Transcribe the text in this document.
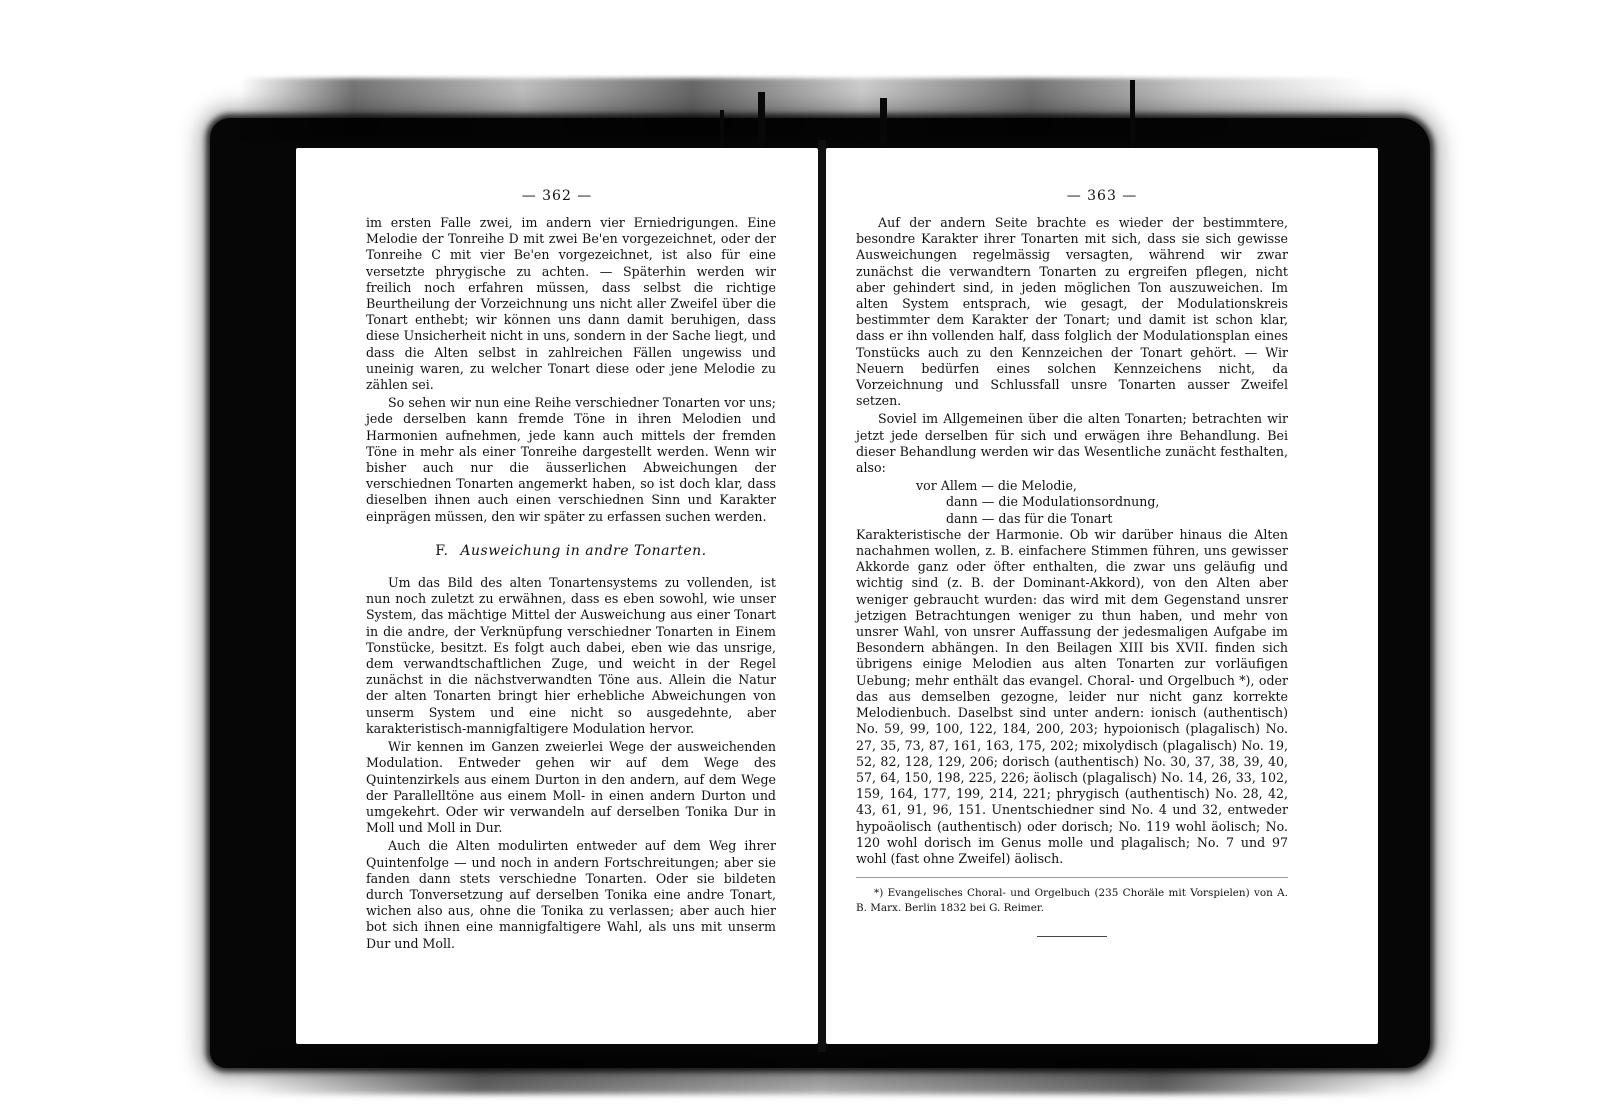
— 362 —

im ersten Falle zwei, im andern vier Erniedrigungen. Eine Melodie der Tonreihe D mit zwei Be'en vorgezeichnet, oder der Tonreihe C mit vier Be'en vorgezeichnet, ist also für eine versetzte phrygische zu achten. — Späterhin werden wir freilich noch erfahren müssen, dass selbst die richtige Beurtheilung der Vorzeichnung uns nicht aller Zweifel über die Tonart enthebt; wir können uns dann damit beruhigen, dass diese Unsicherheit nicht in uns, sondern in der Sache liegt, und dass die Alten selbst in zahlreichen Fällen ungewiss und uneinig waren, zu welcher Tonart diese oder jene Melodie zu zählen sei.

So sehen wir nun eine Reihe verschiedner Tonarten vor uns; jede derselben kann fremde Töne in ihren Melodien und Harmonien aufnehmen, jede kann auch mittels der fremden Töne in mehr als einer Tonreihe dargestellt werden. Wenn wir bisher auch nur die äusserlichen Abweichungen der verschiednen Tonarten angemerkt haben, so ist doch klar, dass dieselben ihnen auch einen verschiednen Sinn und Karakter einprägen müssen, den wir später zu erfassen suchen werden.

F. Ausweichung in andre Tonarten.

Um das Bild des alten Tonartensystems zu vollenden, ist nun noch zuletzt zu erwähnen, dass es eben sowohl, wie unser System, das mächtige Mittel der Ausweichung aus einer Tonart in die andre, der Verknüpfung verschiedner Tonarten in Einem Tonstücke, besitzt. Es folgt auch dabei, eben wie das unsrige, dem verwandtschaftlichen Zuge, und weicht in der Regel zunächst in die nächstverwandten Töne aus. Allein die Natur der alten Tonarten bringt hier erhebliche Abweichungen von unserm System und eine nicht so ausgedehnte, aber karakteristisch-mannigfaltigere Modulation hervor.

Wir kennen im Ganzen zweierlei Wege der ausweichenden Modulation. Entweder gehen wir auf dem Wege des Quintenzirkels aus einem Durton in den andern, auf dem Wege der Parallelltöne aus einem Moll- in einen andern Durton und umgekehrt. Oder wir verwandeln auf derselben Tonika Dur in Moll und Moll in Dur.

Auch die Alten modulirten entweder auf dem Weg ihrer Quintenfolge — und noch in andern Fortschreitungen; aber sie fanden dann stets verschiedne Tonarten. Oder sie bildeten durch Tonversetzung auf derselben Tonika eine andre Tonart, wichen also aus, ohne die Tonika zu verlassen; aber auch hier bot sich ihnen eine mannigfaltigere Wahl, als uns mit unserm Dur und Moll.

— 363 —

Auf der andern Seite brachte es wieder der bestimmtere, besondre Karakter ihrer Tonarten mit sich, dass sie sich gewisse Ausweichungen regelmässig versagten, während wir zwar zunächst die verwandtern Tonarten zu ergreifen pflegen, nicht aber gehindert sind, in jeden möglichen Ton auszuweichen. Im alten System entsprach, wie gesagt, der Modulationskreis bestimmter dem Karakter der Tonart; und damit ist schon klar, dass er ihn vollenden half, dass folglich der Modulationsplan eines Tonstücks auch zu den Kennzeichen der Tonart gehört. — Wir Neuern bedürfen eines solchen Kennzeichens nicht, da Vorzeichnung und Schlussfall unsre Tonarten ausser Zweifel setzen.

Soviel im Allgemeinen über die alten Tonarten; betrachten wir jetzt jede derselben für sich und erwägen ihre Behandlung. Bei dieser Behandlung werden wir das Wesentliche zunächt festhalten, also:

vor Allem — die Melodie,
dann — die Modulationsordnung,
dann — das für die Tonart

Karakteristische der Harmonie. Ob wir darüber hinaus die Alten nachahmen wollen, z. B. einfachere Stimmen führen, uns gewisser Akkorde ganz oder öfter enthalten, die zwar uns geläufig und wichtig sind (z. B. der Dominant-Akkord), von den Alten aber weniger gebraucht wurden: das wird mit dem Gegenstand unsrer jetzigen Betrachtungen weniger zu thun haben, und mehr von unsrer Wahl, von unsrer Auffassung der jedesmaligen Aufgabe im Besondern abhängen. In den Beilagen XIII bis XVII. finden sich übrigens einige Melodien aus alten Tonarten zur vorläufigen Uebung; mehr enthält das evangel. Choral- und Orgelbuch *), oder das aus demselben gezogne, leider nur nicht ganz korrekte Melodienbuch. Daselbst sind unter andern: ionisch (authentisch) No. 59, 99, 100, 122, 184, 200, 203; hypoionisch (plagalisch) No. 27, 35, 73, 87, 161, 163, 175, 202; mixolydisch (plagalisch) No. 19, 52, 82, 128, 129, 206; dorisch (authentisch) No. 30, 37, 38, 39, 40, 57, 64, 150, 198, 225, 226; äolisch (plagalisch) No. 14, 26, 33, 102, 159, 164, 177, 199, 214, 221; phrygisch (authentisch) No. 28, 42, 43, 61, 91, 96, 151. Unentschiedner sind No. 4 und 32, entweder hypoäolisch (authentisch) oder dorisch; No. 119 wohl äolisch; No. 120 wohl dorisch im Genus molle und plagalisch; No. 7 und 97 wohl (fast ohne Zweifel) äolisch.

*) Evangelisches Choral- und Orgelbuch (235 Choräle mit Vorspielen) von A. B. Marx. Berlin 1832 bei G. Reimer.
